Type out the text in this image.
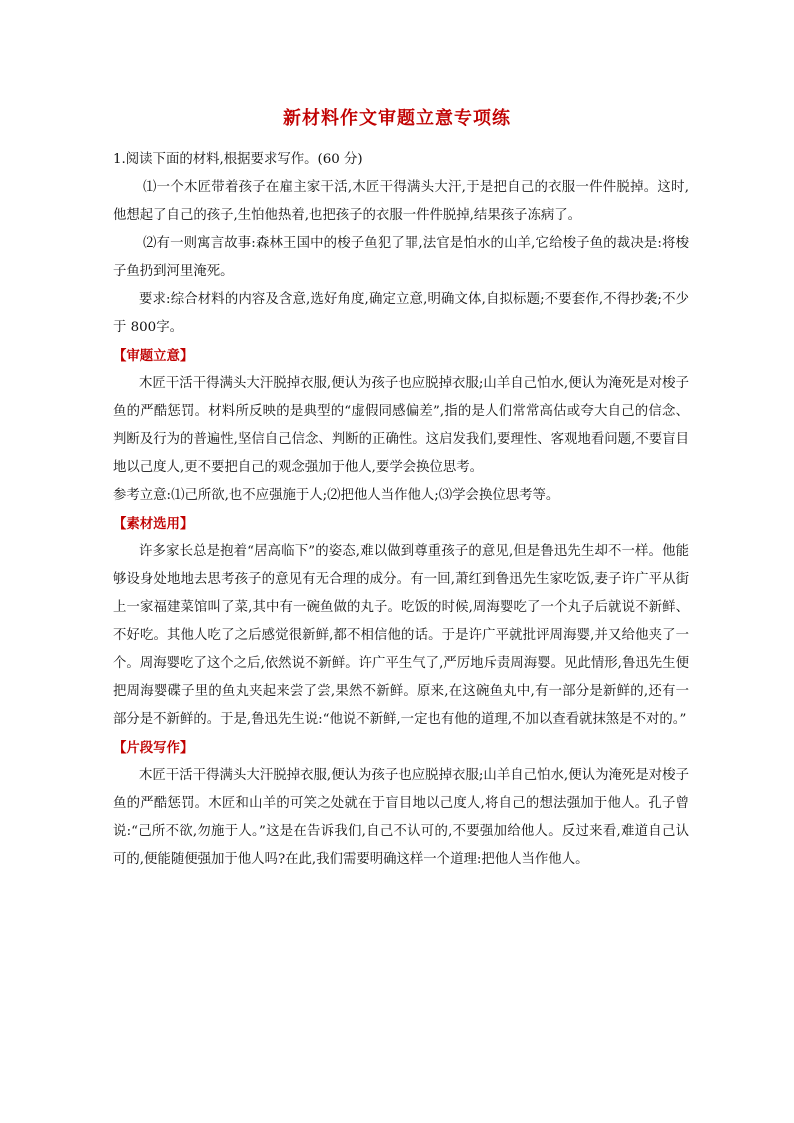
新材料作文审题立意专项练

1.阅读下面的材料,根据要求写作。(60 分)

⑴一个木匠带着孩子在雇主家干活,木匠干得满头大汗,于是把自己的衣服一件件脱掉。这时,他想起了自己的孩子,生怕他热着,也把孩子的衣服一件件脱掉,结果孩子冻病了。

⑵有一则寓言故事:森林王国中的梭子鱼犯了罪,法官是怕水的山羊,它给梭子鱼的裁决是:将梭子鱼扔到河里淹死。

要求:综合材料的内容及含意,选好角度,确定立意,明确文体,自拟标题;不要套作,不得抄袭;不少于 800字。

【审题立意】

木匠干活干得满头大汗脱掉衣服,便认为孩子也应脱掉衣服;山羊自己怕水,便认为淹死是对梭子鱼的严酷惩罚。材料所反映的是典型的“虚假同感偏差”,指的是人们常常高估或夸大自己的信念、判断及行为的普遍性,坚信自己信念、判断的正确性。这启发我们,要理性、客观地看问题,不要盲目地以己度人,更不要把自己的观念强加于他人,要学会换位思考。

参考立意:⑴己所欲,也不应强施于人;⑵把他人当作他人;⑶学会换位思考等。

【素材选用】

许多家长总是抱着“居高临下”的姿态,难以做到尊重孩子的意见,但是鲁迅先生却不一样。他能够设身处地地去思考孩子的意见有无合理的成分。有一回,萧红到鲁迅先生家吃饭,妻子许广平从街上一家福建菜馆叫了菜,其中有一碗鱼做的丸子。吃饭的时候,周海婴吃了一个丸子后就说不新鲜、不好吃。其他人吃了之后感觉很新鲜,都不相信他的话。于是许广平就批评周海婴,并又给他夹了一个。周海婴吃了这个之后,依然说不新鲜。许广平生气了,严厉地斥责周海婴。见此情形,鲁迅先生便把周海婴碟子里的鱼丸夹起来尝了尝,果然不新鲜。原来,在这碗鱼丸中,有一部分是新鲜的,还有一部分是不新鲜的。于是,鲁迅先生说:“他说不新鲜,一定也有他的道理,不加以查看就抹煞是不对的。”

【片段写作】

木匠干活干得满头大汗脱掉衣服,便认为孩子也应脱掉衣服;山羊自己怕水,便认为淹死是对梭子鱼的严酷惩罚。木匠和山羊的可笑之处就在于盲目地以己度人,将自己的想法强加于他人。孔子曾说:“己所不欲,勿施于人。”这是在告诉我们,自己不认可的,不要强加给他人。反过来看,难道自己认可的,便能随便强加于他人吗?在此,我们需要明确这样一个道理:把他人当作他人。
